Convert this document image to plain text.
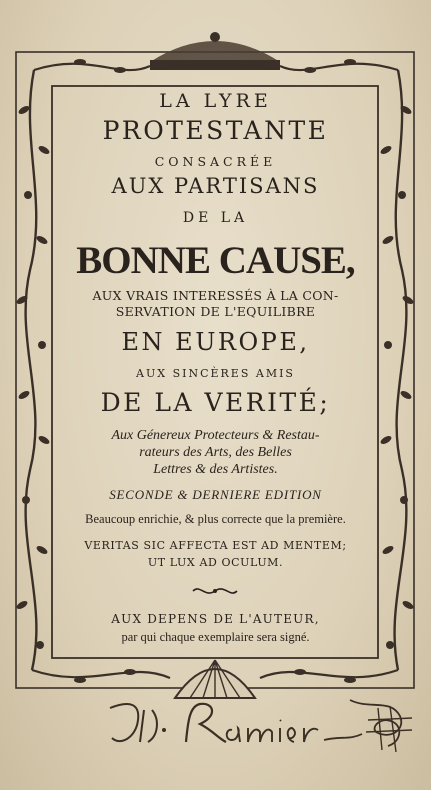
LA LYRE
PROTESTANTE
CONSACRÉE
AUX PARTISANS
DE LA
BONNE CAUSE,
AUX VRAIS INTERESSÉS À LA CON-
SERVATION DE L'EQUILIBRE
EN EUROPE,
AUX SINCÈRES AMIS
DE LA VERITÉ;
Aux Génereux Protecteurs & Restau-
rateurs des Arts, des Belles
Lettres & des Artistes.
SECONDE & DERNIERE EDITION
Beaucoup enrichie, & plus correcte que la première.
VERITAS SIC AFFECTA EST AD MENTEM;
UT LUX AD OCULUM.
AUX DEPENS DE L'AUTEUR,
par qui chaque exemplaire sera signé.
